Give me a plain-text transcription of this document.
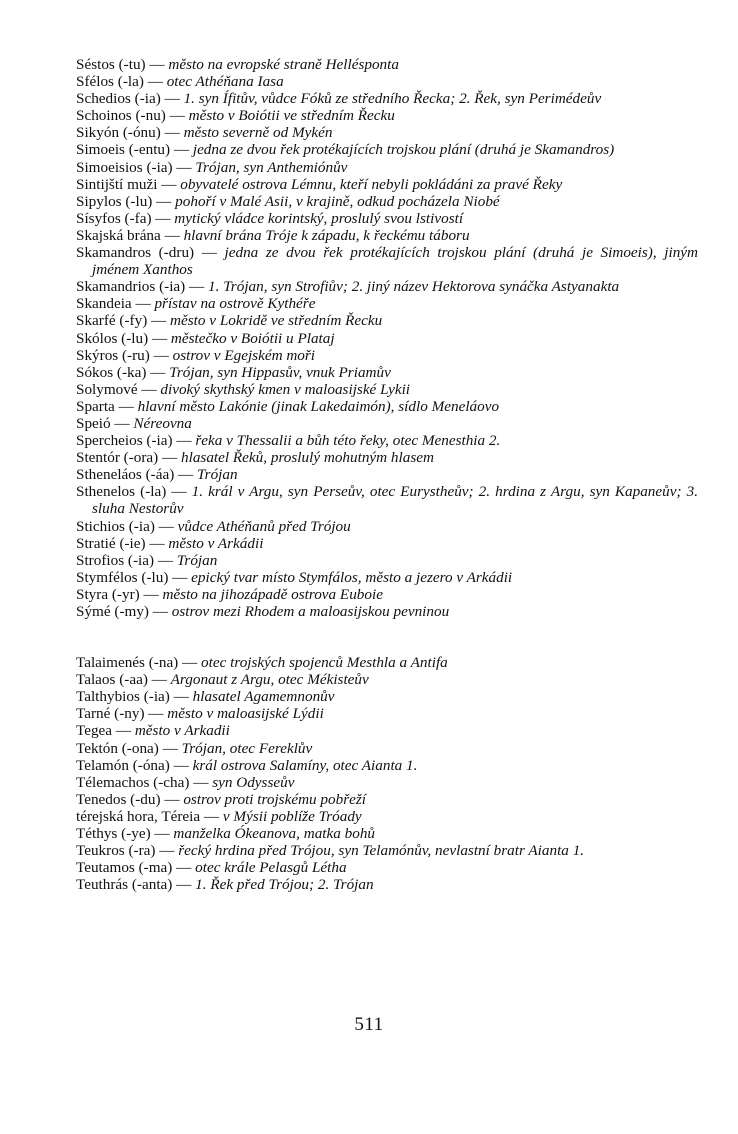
Séstos (-tu) — město na evropské straně Hellésponta

Sfélos (-la) — otec Athéňana Iasa

Schedios (-ia) — 1. syn Ífitův, vůdce Fóků ze středního Řecka; 2. Řek, syn Perimédeův

Schoinos (-nu) — město v Boiótii ve středním Řecku

Sikyón (-ónu) — město severně od Mykén

Simoeis (-entu) — jedna ze dvou řek protékajících trojskou plání (druhá je Skamandros)

Simoeisios (-ia) — Trójan, syn Anthemiónův

Sintijští muži — obyvatelé ostrova Lémnu, kteří nebyli pokládáni za pravé Řeky

Sipylos (-lu) — pohoří v Malé Asii, v krajině, odkud pocházela Niobé

Sísyfos (-fa) — mytický vládce korintský, proslulý svou lstivostí

Skajská brána — hlavní brána Tróje k západu, k řeckému táboru

Skamandros (-dru) — jedna ze dvou řek protékajících trojskou plání (druhá je Simoeis), jiným jménem Xanthos

Skamandrios (-ia) — 1. Trójan, syn Strofiův; 2. jiný název Hektorova synáčka Astyanakta

Skandeia — přístav na ostrově Kythéře

Skarfé (-fy) — město v Lokridě ve středním Řecku

Skólos (-lu) — městečko v Boiótii u Plataj

Skýros (-ru) — ostrov v Egejském moři

Sókos (-ka) — Trójan, syn Hippasův, vnuk Priamův

Solymové — divoký skythský kmen v maloasijské Lykii

Sparta — hlavní město Lakónie (jinak Lakedaimón), sídlo Meneláovo

Speió — Néreovna

Spercheios (-ia) — řeka v Thessalii a bůh této řeky, otec Menesthia 2.

Stentór (-ora) — hlasatel Řeků, proslulý mohutným hlasem

Stheneláos (-áa) — Trójan

Sthenelos (-la) — 1. král v Argu, syn Perseův, otec Eurystheův; 2. hrdina z Argu, syn Kapaneův; 3. sluha Nestorův

Stichios (-ia) — vůdce Athéňanů před Trójou

Stratié (-ie) — město v Arkádii

Strofios (-ia) — Trójan

Stymfélos (-lu) — epický tvar místo Stymfálos, město a jezero v Arkádii

Styra (-yr) — město na jihozápadě ostrova Euboie

Sýmé (-my) — ostrov mezi Rhodem a maloasijskou pevninou

Talaimenés (-na) — otec trojských spojenců Mesthla a Antifa

Talaos (-aa) — Argonaut z Argu, otec Mékisteův

Talthybios (-ia) — hlasatel Agamemnonův

Tarné (-ny) — město v maloasijské Lýdii

Tegea — město v Arkadii

Tektón (-ona) — Trójan, otec Fereklův

Telamón (-óna) — král ostrova Salamíny, otec Aianta 1.

Télemachos (-cha) — syn Odysseův

Tenedos (-du) — ostrov proti trojskému pobřeží

térejská hora, Téreia — v Mýsii poblíže Tróady

Téthys (-ye) — manželka Ókeanova, matka bohů

Teukros (-ra) — řecký hrdina před Trójou, syn Telamónův, nevlastní bratr Aianta 1.

Teutamos (-ma) — otec krále Pelasgů Létha

Teuthrás (-anta) — 1. Řek před Trójou; 2. Trójan

511
